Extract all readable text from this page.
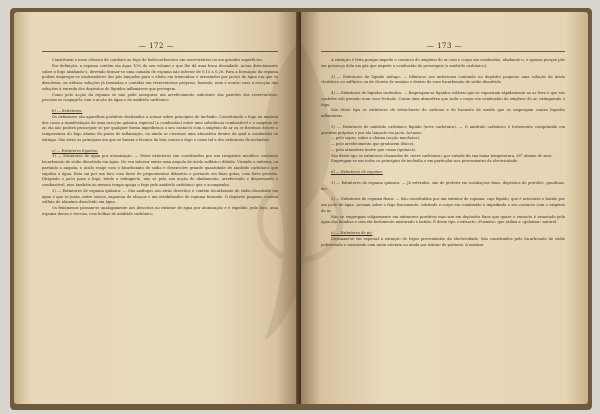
— 172 —

Constituem o meio clássico de combate ao fogo de hidrocarbonetos em reservatórios ou em grandes superfícies.

Por definição, a espuma contém em água 10% do seu volume e que lhe dá uma fraca densidade. Actua directamente sobre o fogo abafando-o, devendo formar-se uma camada de espuma não inferior de 0,15 a 0,20. Para a formação da espuma podem empregar-se misturadores dos pós lançados para o efeito em tremonhas e arrastados por jactos de água em que se dissolvem, ou utilizar soluções já formadas e contidas em reservatórios próprios, fazendo, num e noutro caso a reacção das soluções à entrada dos depósitos de líquidos inflamáveis que protegem.

Como pelo acção da espuma se não pode assegurar um arrefecimento suficiente das paredes dos reservatórios, procura-se conjugá-la com a acção da água e do anidrido carbónico.

b) — Extintores:

Os extintores são aparelhos portáteis destinados a actuar sobre princípios de incêndio. Constituindo o fogo na maioria dos casos a manifestação de uma reacção química especial (a combustão) entre uma substância combustível e o oxigénio do ar, ela não poderá prosseguir se por qualquer forma impedirmos o seu contacto com o oxigénio do ar ou se fizermos descer a temperatura do fogo abaixo do ponto de inflamação, ou ainda se criarmos uma atmosfera dentro da qual a combustão se extinga. São estes os princípios em que se baseia a técnica da luta contra o fogo e como tal a dos extintores de incêndios.

c) — Extintores líquidos:

1) — Extintores de água por atomização: — Estes extintores são constituídos por um recipiente metálico contendo bicarbonato de sódio dissolvido em água. No seu interior existe uma ampola de ácido sulfúrico diluído. Virando o extintor, ou partindo a ampola, o ácido reage com o bicarbonato de sódio e desenvolve grande quantidade de anidrido carbónico que expulsa a água. Esta sai por um bico com furos de pequenissimo diâmetro e portanto em finas gotas, com forte pressão. Dirigindo o jacto para o fogo, tende a extinguí-lo, não só pela sua acção de abafamento, arrefecendo e dispersando o combustível, mas também ao mesmo tempo apaga o fogo pelo anidrido carbónico que o acompanha.

2) — Extintores de espuma química: — São análogos aos atrás descritos e contém bicarbonato de sódio dissolvido em água e que se junta, entre outros, saponina de alcaçuz e um estabilizador de espuma formado. O depósito pequeno contém sulfato de alumínio dissolvido em água.

Os fenómenos passam-se analogamente aos descritos no extintor de água por atomização e é expelido, pelo bico, uma espuma densa e viscosa, com bolhas de anidrido carbónico.

— 173 —

A extinção é feita porque impede o contacto do oxigénio do ar com o corpo em combustão, abafando-o, e apenas porque pôe em presença dela um gás que impede a combustão de prosseguir (o anidrido carbónico).

3) — Extintores de líquido inifugo: — Idênticos aos anteriores contendo no depósito pequeno uma solução de ácido clorídrico ou sulfúrico ou de cloreto de amónio e dentro do vaso bicarbonato de sódio dissolvido.

4) — Extintores de líquidos incêndios: — Empregam-se líquidos voláteis que se vaporizam rápidamente ao ar livre e que são contidos sob pressão num vaso fechado. Criam uma atmosfera que isola o corpo em combustão do oxigénio do ar, extinguindo o fogo.

São deste tipo os extintores de tetracloreto de carbono e de brometo de metilo que se empregam contra líquidos inflamáveis.

5) — Extintores de anidrido carbónico líquido (neve carbónica): — O anidrido carbónico é fortemente comprimido em garrafas próprias e por ela lançado em jacto. Actuam:

— pelo sopro, sobre a chama (acção mecânica);

— pelo arrefecimento que produzem (físico);

— pela atmosfera inerte que criam (química).

São deste tipo os extintores chamados de «neve carbónica» por virtude da sua baixa temperatura, 60° abaixo de zero.

Empregam-se em todos os princípios de incêndio e em particular nos provenientes da electricidade.

d) — Extintores de espuma:

1) — Extintores de espuma química: — Já referidos, são de preferir em instalações fixas, depósitos de petróleo, gasolinas, etc.

2) — Extintores de espuma física: — São constituídos por um extintor de espuma, cujo líquido, que é arrastado e batido por um jacto de água. Actuam sobre o fogo fisicamente, cobrindo o corpo em combustão e impedindo o seu contacto com o oxigénio do ar.

Não se empregam vulgarmente em extintores portáteis mas sim em depósitos fixos que quase o extracto é arrastado pela água das bombas e com ela fortemente misturado e batido. É deste tipo o extracto «Foamite» que utiliza a «gelatina» natural.

c) — Extintores de pó:

Destinam-se em especial à extinção de fogos provenientes da electricidade. São constituídos pelo bicarbonato de sódio pulverizado e misturado com areia calcária ou ainda por nitrato de potássio. A mistura
